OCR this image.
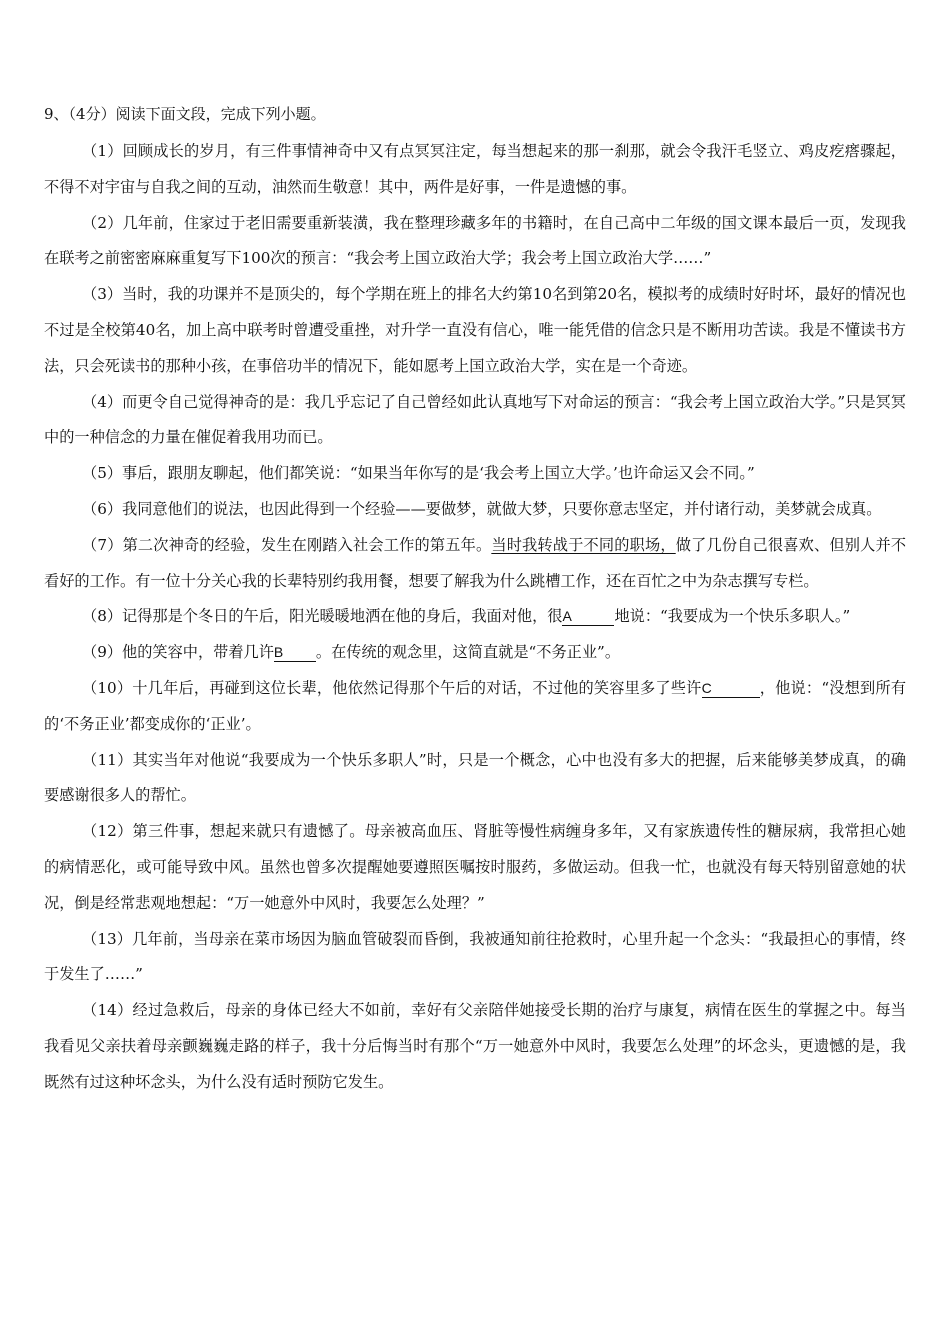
9、（4分）阅读下面文段，完成下列小题。

（1）回顾成长的岁月，有三件事情神奇中又有点冥冥注定，每当想起来的那一刹那，就会令我汗毛竖立、鸡皮疙瘩骤起，不得不对宇宙与自我之间的互动，油然而生敬意！其中，两件是好事，一件是遗憾的事。

（2）几年前，住家过于老旧需要重新装潢，我在整理珍藏多年的书籍时，在自己高中二年级的国文课本最后一页，发现我在联考之前密密麻麻重复写下100次的预言：“我会考上国立政治大学；我会考上国立政治大学……”

（3）当时，我的功课并不是顶尖的，每个学期在班上的排名大约第10名到第20名，模拟考的成绩时好时坏，最好的情况也不过是全校第40名，加上高中联考时曾遭受重挫，对升学一直没有信心，唯一能凭借的信念只是不断用功苦读。我是不懂读书方法，只会死读书的那种小孩，在事倍功半的情况下，能如愿考上国立政治大学，实在是一个奇迹。

（4）而更令自己觉得神奇的是：我几乎忘记了自己曾经如此认真地写下对命运的预言：“我会考上国立政治大学。”只是冥冥中的一种信念的力量在催促着我用功而已。

（5）事后，跟朋友聊起，他们都笑说：“如果当年你写的是‘我会考上国立大学。’也许命运又会不同。”

（6）我同意他们的说法，也因此得到一个经验——要做梦，就做大梦，只要你意志坚定，并付诸行动，美梦就会成真。

（7）第二次神奇的经验，发生在刚踏入社会工作的第五年。当时我转战于不同的职场，做了几份自己很喜欢、但别人并不看好的工作。有一位十分关心我的长辈特别约我用餐，想要了解我为什么跳槽工作，还在百忙之中为杂志撰写专栏。

（8）记得那是个冬日的午后，阳光暖暖地洒在他的身后，我面对他，很A	地说：“我要成为一个快乐多职人。”

（9）他的笑容中，带着几许B 。在传统的观念里，这简直就是“不务正业”。

（10）十几年后，再碰到这位长辈，他依然记得那个午后的对话，不过他的笑容里多了些许C	，他说：“没想到所有的‘不务正业’都变成你的‘正业’。

（11）其实当年对他说“我要成为一个快乐多职人”时，只是一个概念，心中也没有多大的把握，后来能够美梦成真，的确要感谢很多人的帮忙。

（12）第三件事，想起来就只有遗憾了。母亲被高血压、肾脏等慢性病缠身多年，又有家族遗传性的糖尿病，我常担心她的病情恶化，或可能导致中风。虽然也曾多次提醒她要遵照医嘱按时服药，多做运动。但我一忙，也就没有每天特别留意她的状况，倒是经常悲观地想起：“万一她意外中风时，我要怎么处理？”

（13）几年前，当母亲在菜市场因为脑血管破裂而昏倒，我被通知前往抢救时，心里升起一个念头：“我最担心的事情，终于发生了……”

（14）经过急救后，母亲的身体已经大不如前，幸好有父亲陪伴她接受长期的治疗与康复，病情在医生的掌握之中。每当我看见父亲扶着母亲颤巍巍走路的样子，我十分后悔当时有那个“万一她意外中风时，我要怎么处理”的坏念头，更遗憾的是，我既然有过这种坏念头，为什么没有适时预防它发生。
